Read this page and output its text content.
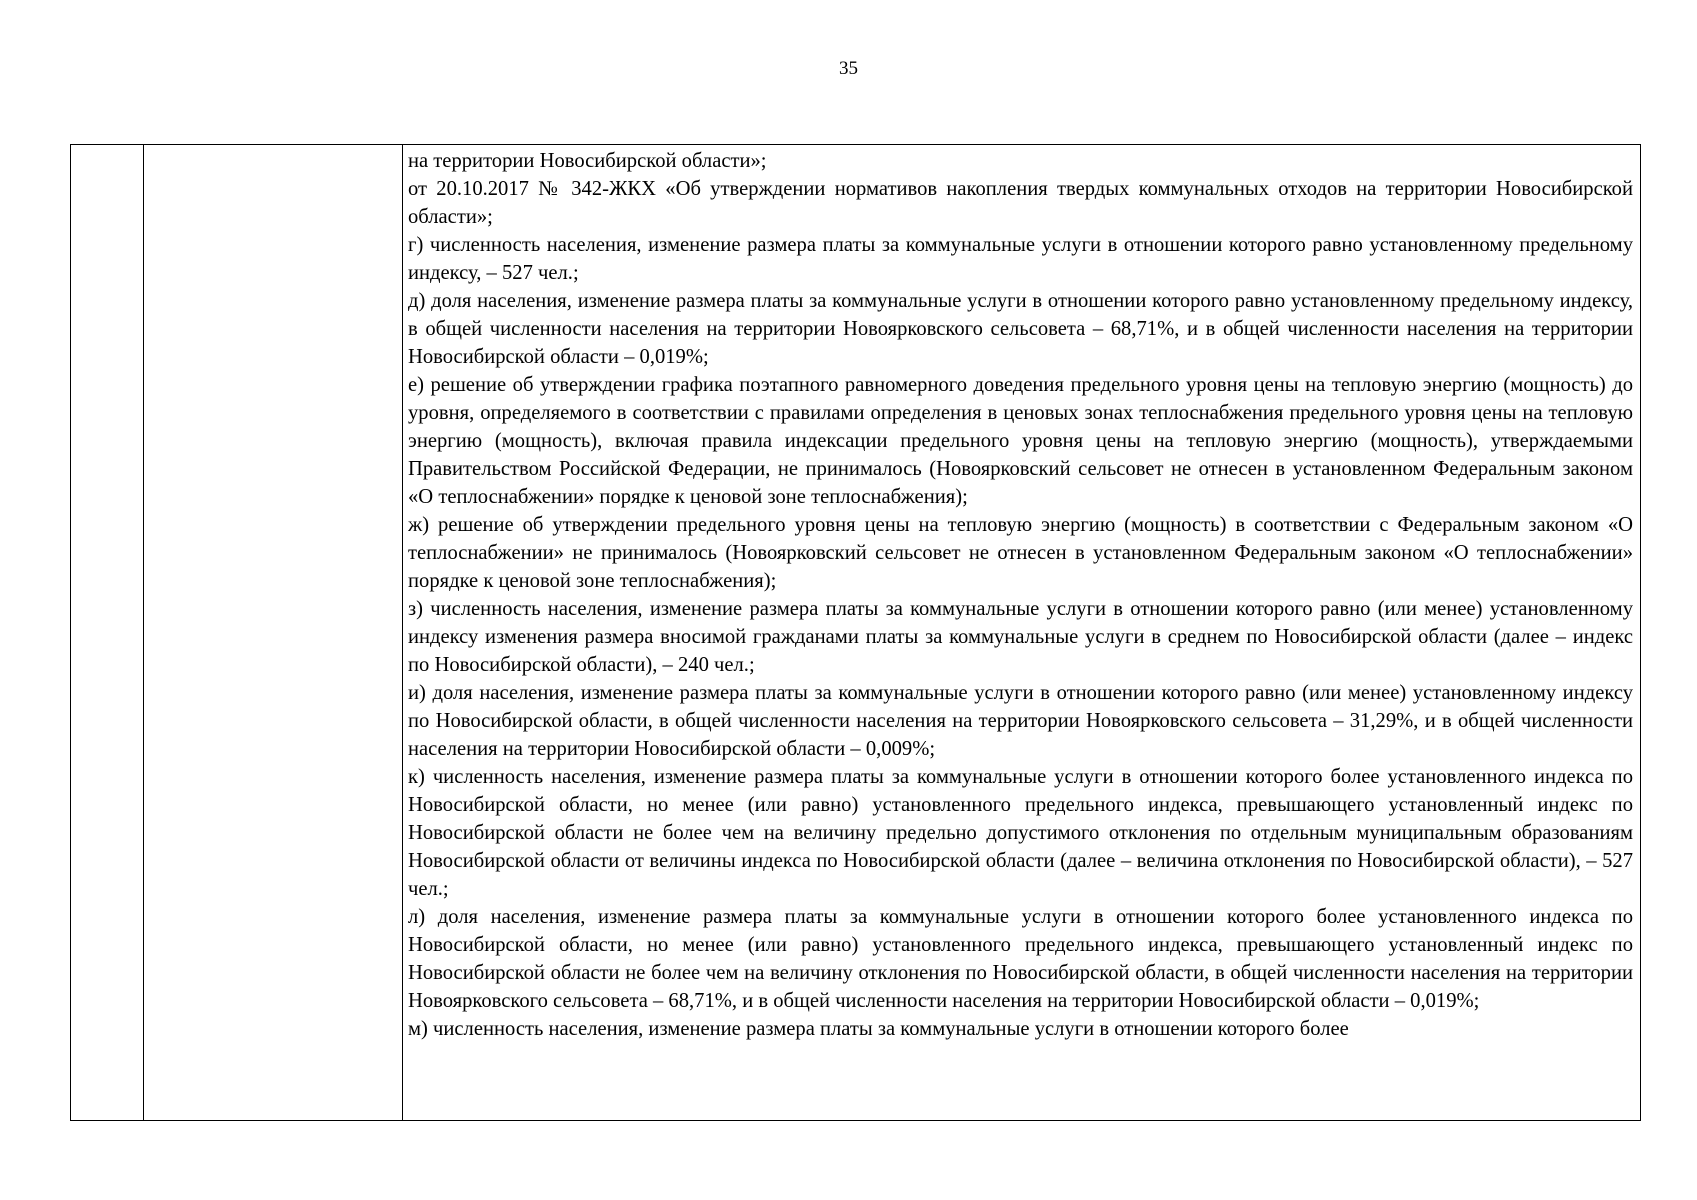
35

на территории Новосибирской области»;

от 20.10.2017 № 342-ЖКХ «Об утверждении нормативов накопления твердых коммунальных отходов на территории Новосибирской области»;

г) численность населения, изменение размера платы за коммунальные услуги в отношении которого равно установленному предельному индексу, – 527 чел.;

д) доля населения, изменение размера платы за коммунальные услуги в отношении которого равно установленному предельному индексу, в общей численности населения на территории Новоярковского сельсовета – 68,71%, и в общей численности населения на территории Новосибирской области – 0,019%;

е) решение об утверждении графика поэтапного равномерного доведения предельного уровня цены на тепловую энергию (мощность) до уровня, определяемого в соответствии с правилами определения в ценовых зонах теплоснабжения предельного уровня цены на тепловую энергию (мощность), включая правила индексации предельного уровня цены на тепловую энергию (мощность), утверждаемыми Правительством Российской Федерации, не принималось (Новоярковский сельсовет не отнесен в установленном Федеральным законом «О теплоснабжении» порядке к ценовой зоне теплоснабжения);

ж) решение об утверждении предельного уровня цены на тепловую энергию (мощность) в соответствии с Федеральным законом «О теплоснабжении» не принималось (Новоярковский сельсовет не отнесен в установленном Федеральным законом «О теплоснабжении» порядке к ценовой зоне теплоснабжения);

з) численность населения, изменение размера платы за коммунальные услуги в отношении которого равно (или менее) установленному индексу изменения размера вносимой гражданами платы за коммунальные услуги в среднем по Новосибирской области (далее – индекс по Новосибирской области), – 240 чел.;

и) доля населения, изменение размера платы за коммунальные услуги в отношении которого равно (или менее) установленному индексу по Новосибирской области, в общей численности населения на территории Новоярковского сельсовета – 31,29%, и в общей численности населения на территории Новосибирской области – 0,009%;

к) численность населения, изменение размера платы за коммунальные услуги в отношении которого более установленного индекса по Новосибирской области, но менее (или равно) установленного предельного индекса, превышающего установленный индекс по Новосибирской области не более чем на величину предельно допустимого отклонения по отдельным муниципальным образованиям Новосибирской области от величины индекса по Новосибирской области (далее – величина отклонения по Новосибирской области), – 527 чел.;

л) доля населения, изменение размера платы за коммунальные услуги в отношении которого более установленного индекса по Новосибирской области, но менее (или равно) установленного предельного индекса, превышающего установленный индекс по Новосибирской области не более чем на величину отклонения по Новосибирской области, в общей численности населения на территории Новоярковского сельсовета – 68,71%, и в общей численности населения на территории Новосибирской области – 0,019%;

м) численность населения, изменение размера платы за коммунальные услуги в отношении которого более
